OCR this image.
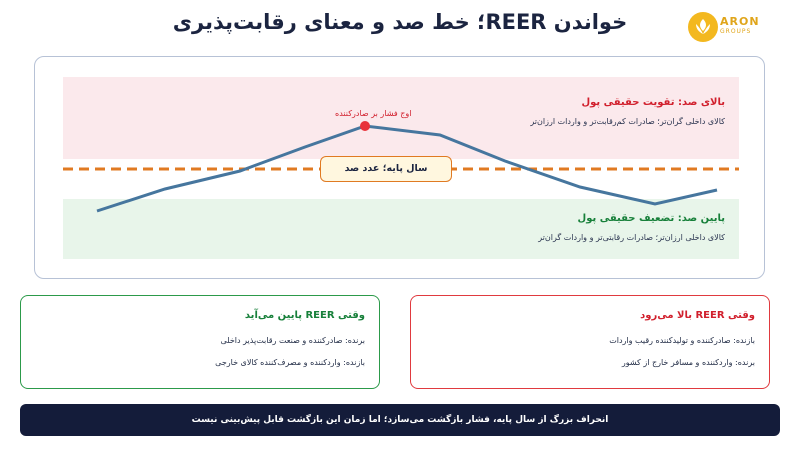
خواندن REER؛ خط صد و معنای رقابت‌پذیری	ARON
GROUPS
بالای صد: تقویت حقیقی پول
کالای داخلی گران‌تر؛ صادرات کم‌رقابت‌تر و واردات ارزان‌تر
پایین صد: تضعیف حقیقی پول
کالای داخلی ارزان‌تر؛ صادرات رقابتی‌تر و واردات گران‌تر
اوج فشار بر صادرکننده
سال پایه؛ عدد صد
وقتی REER پایین می‌آید
برنده: صادرکننده و صنعت رقابت‌پذیر داخلی
بازنده: واردکننده و مصرف‌کننده کالای خارجی
وقتی REER بالا می‌رود
بازنده: صادرکننده و تولیدکننده رقیب واردات
برنده: واردکننده و مسافر خارج از کشور
انحراف بزرگ از سال پایه، فشار بازگشت می‌سازد؛ اما زمان این بازگشت قابل پیش‌بینی نیست
